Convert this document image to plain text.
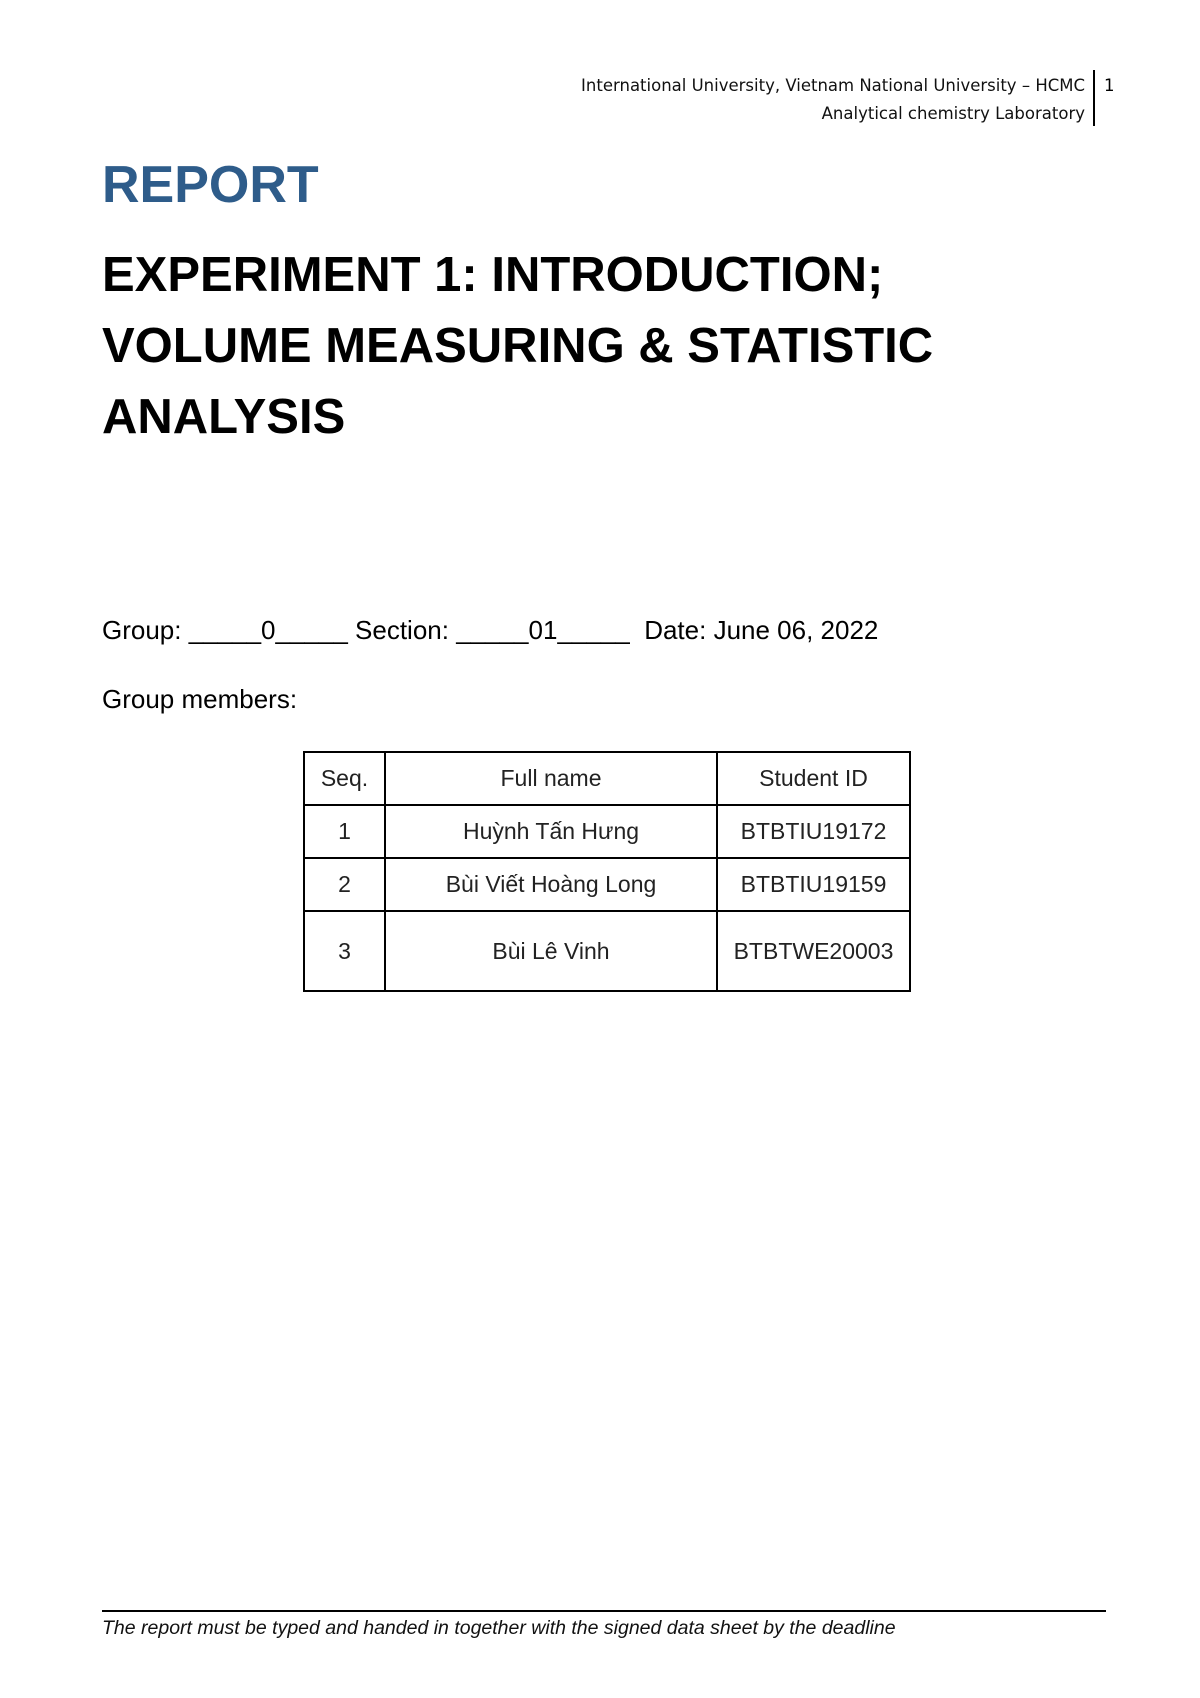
International University, Vietnam National University – HCMC
Analytical chemistry Laboratory
1
REPORT
EXPERIMENT 1: INTRODUCTION; VOLUME MEASURING & STATISTIC ANALYSIS
Group: _____0_____ Section: _____01_____  Date: June 06, 2022
Group members:
Seq.	Full name	Student ID
1	Huỳnh Tấn Hưng	BTBTIU19172
2	Bùi Viết Hoàng Long	BTBTIU19159
3	Bùi Lê Vinh	BTBTWE20003
The report must be typed and handed in together with the signed data sheet by the deadline
